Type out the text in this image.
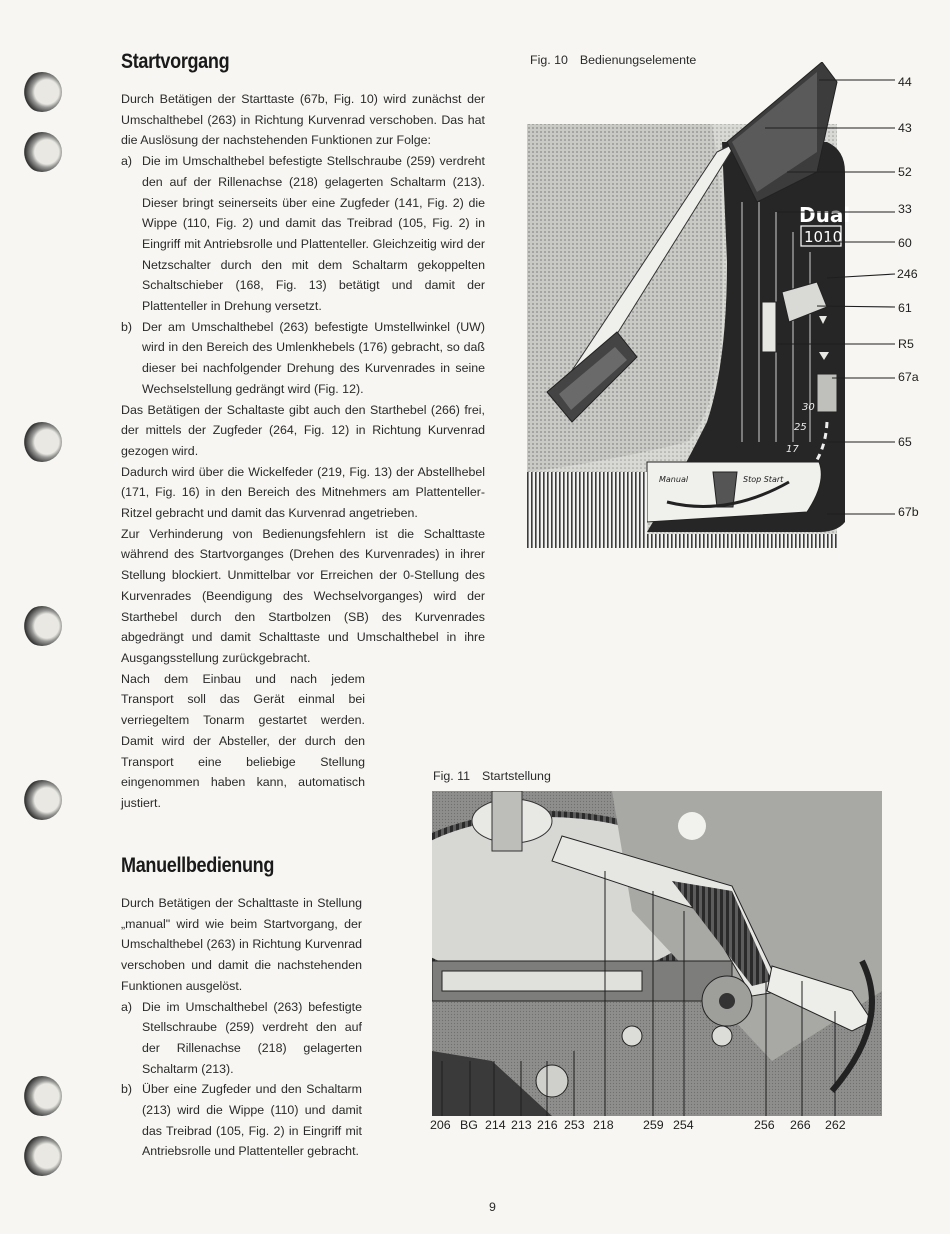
Startvorgang

Durch Betätigen der Starttaste (67b, Fig. 10) wird zunächst der Umschalthebel (263) in Richtung Kurvenrad verschoben. Das hat die Auslösung der nachstehenden Funktionen zur Folge:

a) Die im Umschalthebel befestigte Stellschraube (259) verdreht den auf der Rillenachse (218) gelagerten Schaltarm (213). Dieser bringt seinerseits über eine Zugfeder (141, Fig. 2) die Wippe (110, Fig. 2) und damit das Treibrad (105, Fig. 2) in Eingriff mit Antriebsrolle und Plattenteller. Gleichzeitig wird der Netzschalter durch den mit dem Schaltarm gekoppelten Schaltschieber (168, Fig. 13) betätigt und damit der Plattenteller in Drehung versetzt.
b) Der am Umschalthebel (263) befestigte Umstellwinkel (UW) wird in den Bereich des Umlenkhebels (176) gebracht, so daß dieser bei nachfolgender Drehung des Kurvenrades in seine Wechselstellung gedrängt wird (Fig. 12).

Das Betätigen der Schaltaste gibt auch den Starthebel (266) frei, der mittels der Zugfeder (264, Fig. 12) in Richtung Kurvenrad gezogen wird.

Dadurch wird über die Wickelfeder (219, Fig. 13) der Abstellhebel (171, Fig. 16) in den Bereich des Mitnehmers am Plattenteller-Ritzel gebracht und damit das Kurvenrad angetrieben.

Zur Verhinderung von Bedienungsfehlern ist die Schalttaste während des Startvorganges (Drehen des Kurvenrades) in ihrer Stellung blockiert. Unmittelbar vor Erreichen der 0-Stellung des Kurvenrades (Beendigung des Wechselvorganges) wird der Starthebel durch den Startbolzen (SB) des Kurvenrades abgedrängt und damit Schalttaste und Umschalthebel in ihre Ausgangsstellung zurückgebracht.

Nach dem Einbau und nach jedem Transport soll das Gerät einmal bei verriegeltem Tonarm gestartet werden. Damit wird der Absteller, der durch den Transport eine beliebige Stellung eingenommen haben kann, automatisch justiert.

Manuellbedienung

Durch Betätigen der Schalttaste in Stellung „manual" wird wie beim Startvorgang, der Umschalthebel (263) in Richtung Kurvenrad verschoben und damit die nachstehenden Funktionen ausgelöst.

a) Die im Umschalthebel (263) befestigte Stellschraube (259) verdreht den auf der Rillenachse (218) gelagerten Schaltarm (213).
b) Über eine Zugfeder und den Schaltarm (213) wird die Wippe (110) und damit das Treibrad (105, Fig. 2) in Eingriff mit Antriebsrolle und Plattenteller gebracht.
Fig. 10 Bedienungselemente
Dual
1010
30
25
17
Manual	Stop Start
44
43
52
33
60
246
61
R5
67a
65
67b
Fig. 11 Startstellung
206 BG 214 213 216 253 218 259 254	256 266 262
9
